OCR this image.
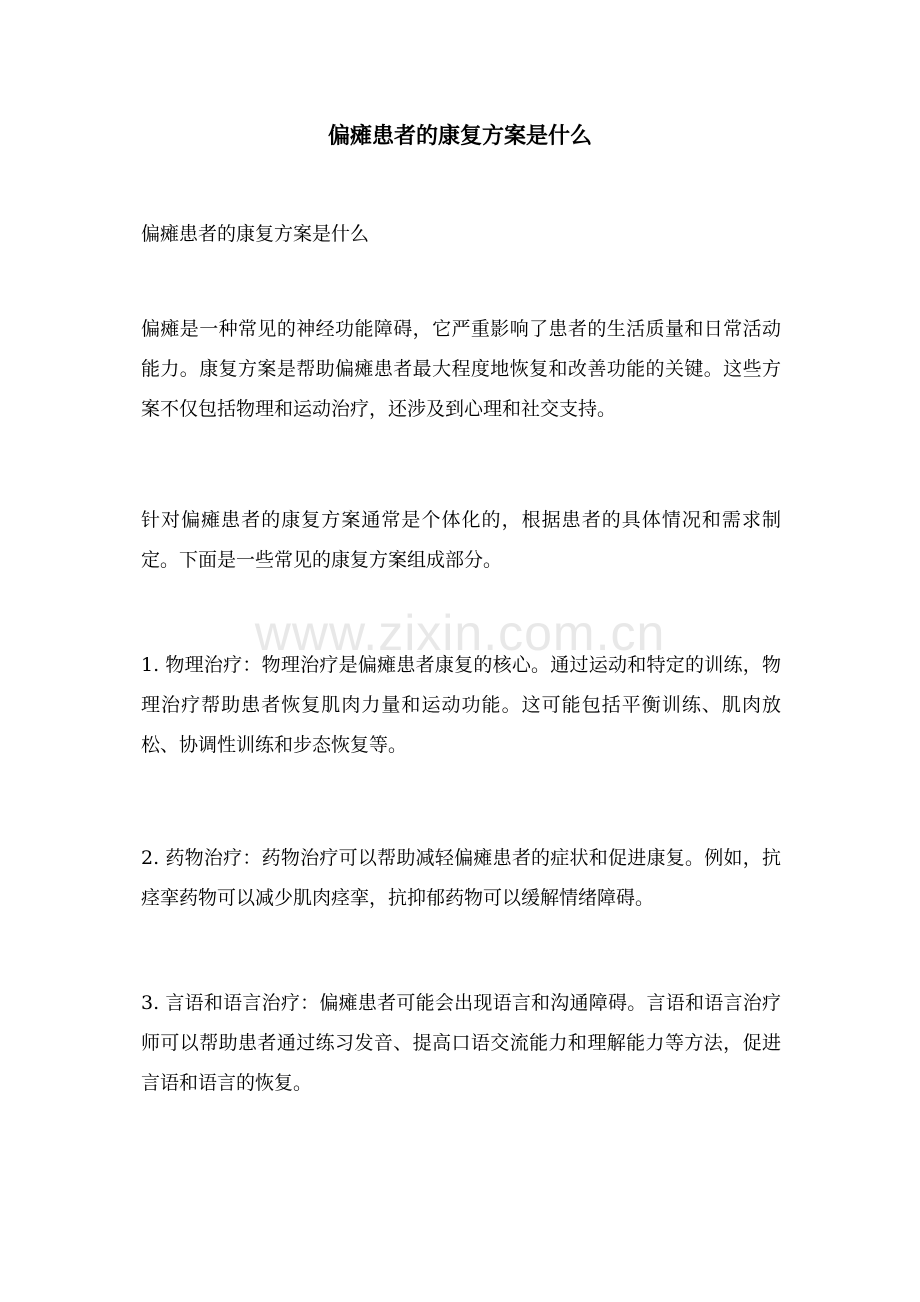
偏瘫患者的康复方案是什么

偏瘫患者的康复方案是什么

偏瘫是一种常见的神经功能障碍，它严重影响了患者的生活质量和日常活动能力。康复方案是帮助偏瘫患者最大程度地恢复和改善功能的关键。这些方案不仅包括物理和运动治疗，还涉及到心理和社交支持。

针对偏瘫患者的康复方案通常是个体化的，根据患者的具体情况和需求制定。下面是一些常见的康复方案组成部分。

www.zixin.com.cn

1. 物理治疗：物理治疗是偏瘫患者康复的核心。通过运动和特定的训练，物理治疗帮助患者恢复肌肉力量和运动功能。这可能包括平衡训练、肌肉放松、协调性训练和步态恢复等。

2. 药物治疗：药物治疗可以帮助减轻偏瘫患者的症状和促进康复。例如，抗痉挛药物可以减少肌肉痉挛，抗抑郁药物可以缓解情绪障碍。

3. 言语和语言治疗：偏瘫患者可能会出现语言和沟通障碍。言语和语言治疗师可以帮助患者通过练习发音、提高口语交流能力和理解能力等方法，促进言语和语言的恢复。
